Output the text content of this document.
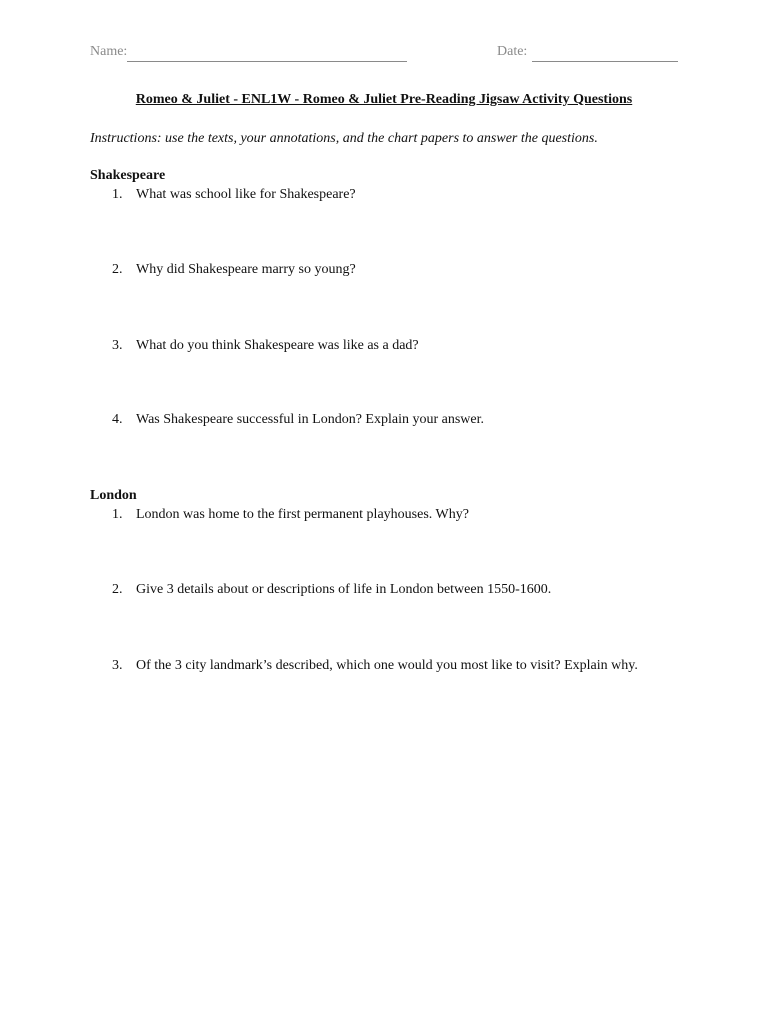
Name:	Date:
Romeo & Juliet - ENL1W - Romeo & Juliet Pre-Reading Jigsaw Activity Questions
Instructions: use the texts, your annotations, and the chart papers to answer the questions.
Shakespeare
1. What was school like for Shakespeare?
2. Why did Shakespeare marry so young?
3. What do you think Shakespeare was like as a dad?
4. Was Shakespeare successful in London? Explain your answer.
London
1. London was home to the first permanent playhouses. Why?
2. Give 3 details about or descriptions of life in London between 1550-1600.
3. Of the 3 city landmark’s described, which one would you most like to visit? Explain why.
